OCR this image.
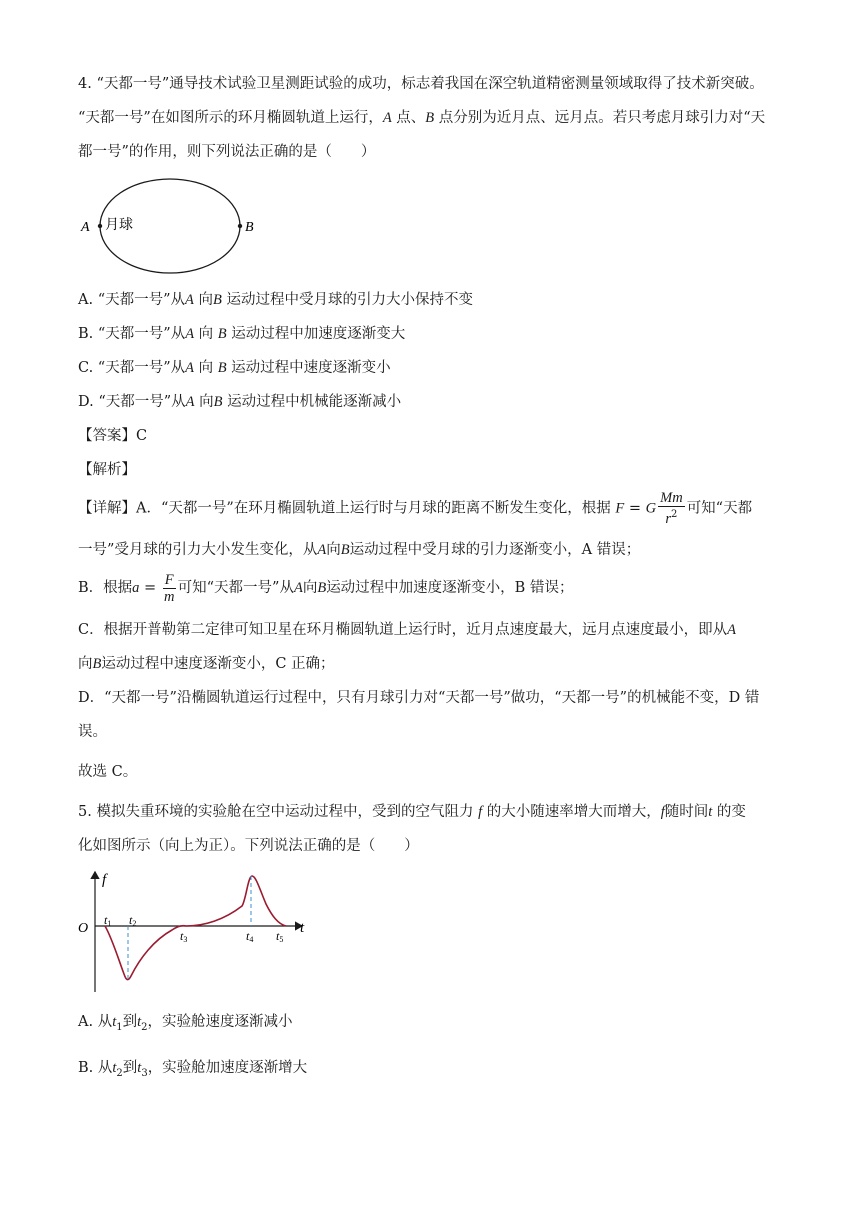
4. “天都一号”通导技术试验卫星测距试验的成功，标志着我国在深空轨道精密测量领域取得了技术新突破。
“天都一号”在如图所示的环月椭圆轨道上运行，A 点、B 点分别为近月点、远月点。若只考虑月球引力对“天
都一号”的作用，则下列说法正确的是（　　）
A	B
月球
A. “天都一号”从A 向B 运动过程中受月球的引力大小保持不变
B. “天都一号”从A 向 B 运动过程中加速度逐渐变大
C. “天都一号”从A 向 B 运动过程中速度逐渐变小
D. “天都一号”从A 向B 运动过程中机械能逐渐减小
【答案】C
【解析】
【详解】A．“天都一号”在环月椭圆轨道上运行时与月球的距离不断发生变化，根据 F = G $\frac{Mm}{r^2}$ 可知“天都
一号”受月球的引力大小发生变化，从A向B运动过程中受月球的引力逐渐变小，A 错误；
B．根据$a = \frac{F}{m}$ 可知“天都一号”从A向B运动过程中加速度逐渐变小，B 错误；
C．根据开普勒第二定律可知卫星在环月椭圆轨道上运行时，近月点速度最大，远月点速度最小，即从A
向B运动过程中速度逐渐变小，C 正确；
D．“天都一号”沿椭圆轨道运行过程中，只有月球引力对“天都一号”做功，“天都一号”的机械能不变，D 错
误。
故选 C。
5. 模拟失重环境的实验舱在空中运动过程中，受到的空气阻力 f 的大小随速率增大而增大，f随时间t 的变
化如图所示（向上为正）。下列说法正确的是（　　）
f
t
O
t1 t2
t3	t4 t5
A. 从$t_1$到$t_2$，实验舱速度逐渐减小
B. 从$t_2$到$t_3$，实验舱加速度逐渐增大
